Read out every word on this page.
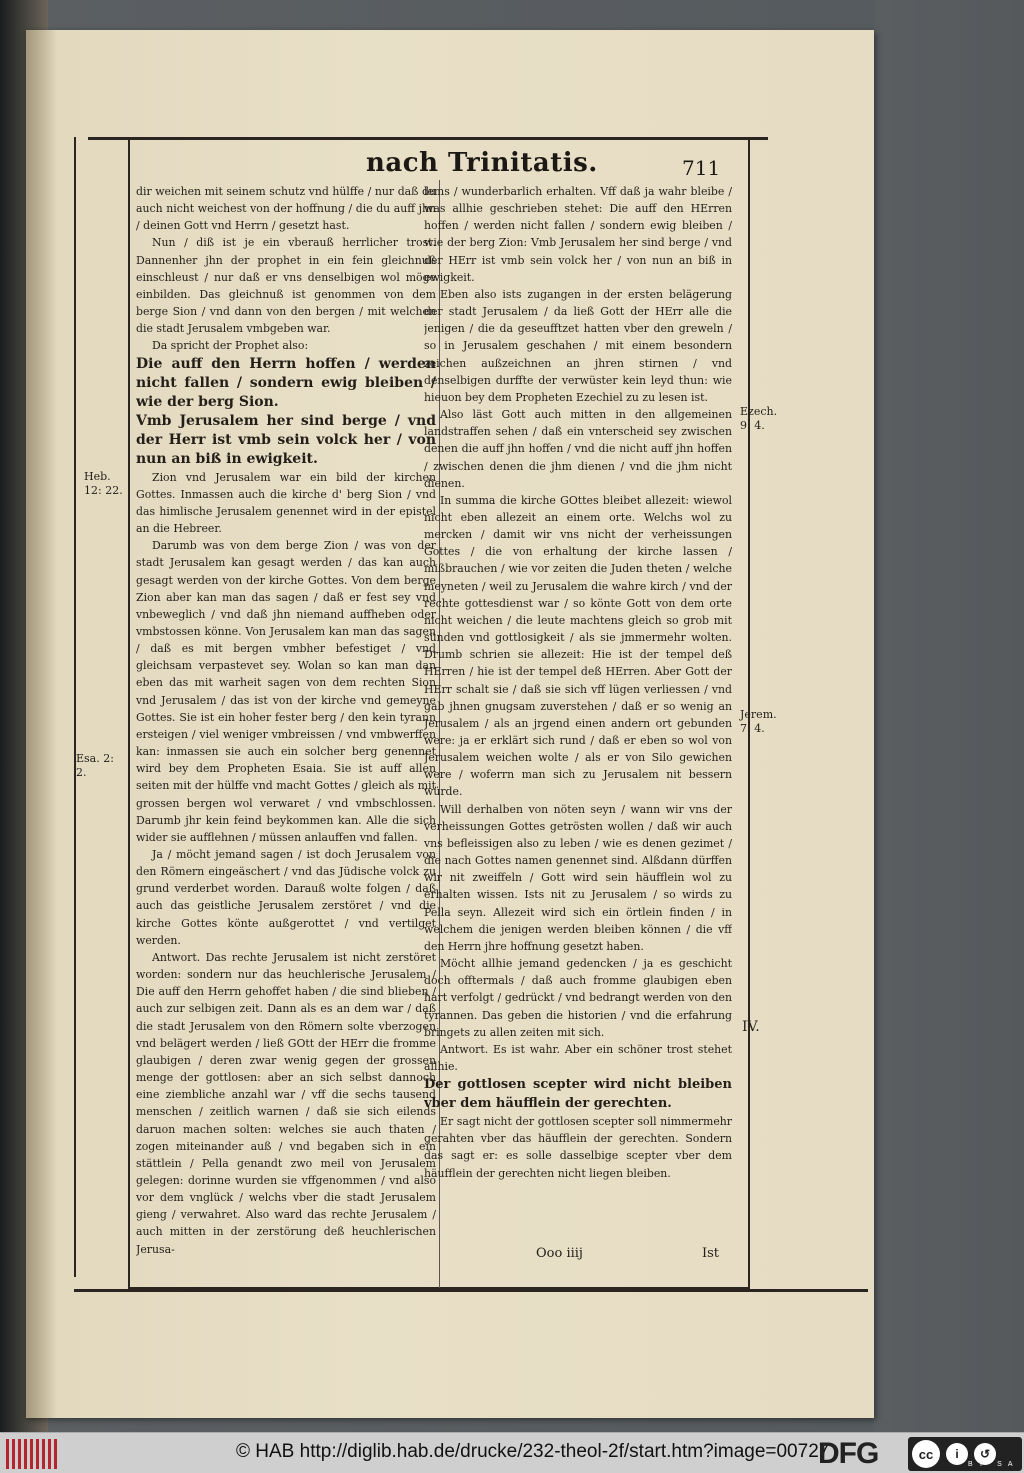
nach Trinitatis.	711

dir weichen mit seinem schutz vnd hülffe / nur daß du auch nicht weichest von der hoffnung / die du auff jhn / deinen Gott vnd Herrn / gesetzt hast.

Nun / diß ist je ein vberauß herrlicher trost. Dannenher jhn der prophet in ein fein gleichnuß einschleust / nur daß er vns denselbigen wol möge einbilden. Das gleichnuß ist genommen von dem berge Sion / vnd dann von den bergen / mit welchen die stadt Jerusalem vmbgeben war.

Da spricht der Prophet also:

Die auff den Herrn hoffen / werden nicht fallen / sondern ewig bleiben / wie der berg Sion.

Vmb Jerusalem her sind berge / vnd der Herr ist vmb sein volck her / von nun an biß in ewigkeit.

Zion vnd Jerusalem war ein bild der kirchen Gottes. Inmassen auch die kirche d' berg Sion / vnd das himlische Jerusalem genennet wird in der epistel an die Hebreer.

Darumb was von dem berge Zion / was von der stadt Jerusalem kan gesagt werden / das kan auch gesagt werden von der kirche Gottes. Von dem berge Zion aber kan man das sagen / daß er fest sey vnd vnbeweglich / vnd daß jhn niemand auffheben oder vmbstossen könne. Von Jerusalem kan man das sagen / daß es mit bergen vmbher befestiget / vnd gleichsam verpastevet sey. Wolan so kan man dan eben das mit warheit sagen von dem rechten Sion vnd Jerusalem / das ist von der kirche vnd gemeyne Gottes. Sie ist ein hoher fester berg / den kein tyrann ersteigen / viel weniger vmbreissen / vnd vmbwerffen kan: inmassen sie auch ein solcher berg genennet wird bey dem Propheten Esaia. Sie ist auff allen seiten mit der hülffe vnd macht Gottes / gleich als mit grossen bergen wol verwaret / vnd vmbschlossen. Darumb jhr kein feind beykommen kan. Alle die sich wider sie aufflehnen / müssen anlauffen vnd fallen.

Ja / möcht jemand sagen / ist doch Jerusalem von den Römern eingeäschert / vnd das Jüdische volck zu grund verderbet worden. Darauß wolte folgen / daß auch das geistliche Jerusalem zerstöret / vnd die kirche Gottes könte außgerottet / vnd vertilget werden.

Antwort. Das rechte Jerusalem ist nicht zerstöret worden: sondern nur das heuchlerische Jerusalem / Die auff den Herrn gehoffet haben / die sind blieben / auch zur selbigen zeit. Dann als es an dem war / daß die stadt Jerusalem von den Römern solte vberzogen vnd belägert werden / ließ GOtt der HErr die fromme glaubigen / deren zwar wenig gegen der grossen menge der gottlosen: aber an sich selbst dannoch eine ziembliche anzahl war / vff die sechs tausend menschen / zeitlich warnen / daß sie sich eilends daruon machen solten: welches sie auch thaten / zogen miteinander auß / vnd begaben sich in ein stättlein / Pella genandt zwo meil von Jerusalem gelegen: dorinne wurden sie vffgenommen / vnd also vor dem vnglück / welchs vber die stadt Jerusalem gieng / verwahret. Also ward das rechte Jerusalem / auch mitten in der zerstörung deß heuchlerischen Jerusa-

lems / wunderbarlich erhalten. Vff daß ja wahr bleibe / was allhie geschrieben stehet: Die auff den HErren hoffen / werden nicht fallen / sondern ewig bleiben / wie der berg Zion: Vmb Jerusalem her sind berge / vnd der HErr ist vmb sein volck her / von nun an biß in ewigkeit.

Eben also ists zugangen in der ersten belägerung der stadt Jerusalem / da ließ Gott der HErr alle die jenigen / die da geseufftzet hatten vber den greweln / so in Jerusalem geschahen / mit einem besondern zeichen außzeichnen an jhren stirnen / vnd denselbigen durffte der verwüster kein leyd thun: wie hieuon bey dem Propheten Ezechiel zu zu lesen ist.

Also läst Gott auch mitten in den allgemeinen landstraffen sehen / daß ein vnterscheid sey zwischen denen die auff jhn hoffen / vnd die nicht auff jhn hoffen / zwischen denen die jhm dienen / vnd die jhm nicht dienen.

In summa die kirche GOttes bleibet allezeit: wiewol nicht eben allezeit an einem orte. Welchs wol zu mercken / damit wir vns nicht der verheissungen Gottes / die von erhaltung der kirche lassen / mißbrauchen / wie vor zeiten die Juden theten / welche meyneten / weil zu Jerusalem die wahre kirch / vnd der rechte gottesdienst war / so könte Gott von dem orte nicht weichen / die leute machtens gleich so grob mit sünden vnd gottlosigkeit / als sie jmmermehr wolten. Drumb schrien sie allezeit: Hie ist der tempel deß HErren / hie ist der tempel deß HErren. Aber Gott der HErr schalt sie / daß sie sich vff lügen verliessen / vnd gab jhnen gnugsam zuverstehen / daß er so wenig an Jerusalem / als an jrgend einen andern ort gebunden were: ja er erklärt sich rund / daß er eben so wol von Jerusalem weichen wolte / als er von Silo gewichen were / woferrn man sich zu Jerusalem nit bessern würde.

Will derhalben von nöten seyn / wann wir vns der verheissungen Gottes getrösten wollen / daß wir auch vns befleissigen also zu leben / wie es denen gezimet / die nach Gottes namen genennet sind. Alßdann dürffen wir nit zweiffeln / Gott wird sein häufflein wol zu erhalten wissen. Ists nit zu Jerusalem / so wirds zu Pella seyn. Allezeit wird sich ein örtlein finden / in welchem die jenigen werden bleiben können / die vff den Herrn jhre hoffnung gesetzt haben.

Möcht allhie jemand gedencken / ja es geschicht doch offtermals / daß auch fromme glaubigen eben hart verfolgt / gedrückt / vnd bedrangt werden von den tyrannen. Das geben die historien / vnd die erfahrung bringets zu allen zeiten mit sich.

Antwort. Es ist wahr. Aber ein schöner trost stehet allhie.

Der gottlosen scepter wird nicht bleiben vber dem häufflein der gerechten.

Er sagt nicht der gottlosen scepter soll nimmermehr gerahten vber das häufflein der gerechten. Sondern das sagt er: es solle dasselbige scepter vber dem häufflein der gerechten nicht liegen bleiben.

Heb. 12: 22.
Esa. 2: 2.
Ezech. 9: 4.
Jerem. 7: 4.
IV.
Ooo iiij	Ist
© HAB http://diglib.hab.de/drucke/232-theol-2f/start.htm?image=00727
DFG	cc	i	↺
BY SA
